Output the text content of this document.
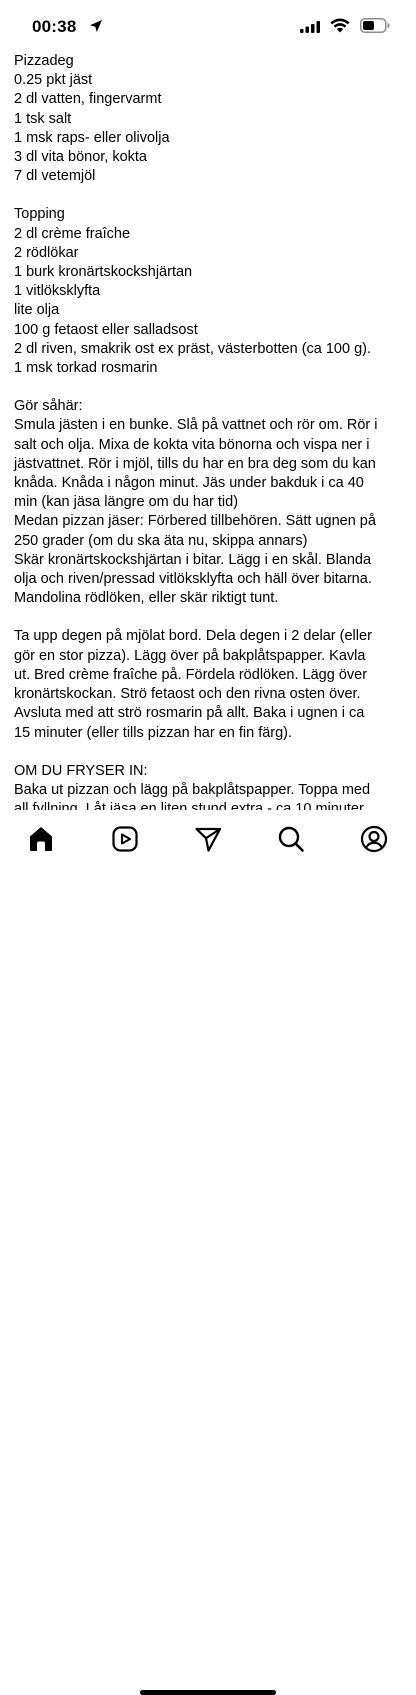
00:38

Pizzadeg

0.25 pkt jäst

2 dl vatten, fingervarmt

1 tsk salt

1 msk raps- eller olivolja

3 dl vita bönor, kokta

7 dl vetemjöl

Topping

2 dl crème fraîche

2 rödlökar

1 burk kronärtskockshjärtan

1 vitlöksklyfta

lite olja

100 g fetaost eller salladsost

2 dl riven, smakrik ost ex präst, västerbotten (ca 100 g).

1 msk torkad rosmarin

Gör såhär:

Smula jästen i en bunke. Slå på vattnet och rör om. Rör i

salt och olja. Mixa de kokta vita bönorna och vispa ner i

jästvattnet. Rör i mjöl, tills du har en bra deg som du kan

knåda. Knåda i någon minut. Jäs under bakduk i ca 40

min (kan jäsa längre om du har tid)

Medan pizzan jäser: Förbered tillbehören. Sätt ugnen på

250 grader (om du ska äta nu, skippa annars)

Skär kronärtskockshjärtan i bitar. Lägg i en skål. Blanda

olja och riven/pressad vitlöksklyfta och häll över bitarna.

Mandolina rödlöken, eller skär riktigt tunt.

Ta upp degen på mjölat bord. Dela degen i 2 delar (eller

gör en stor pizza). Lägg över på bakplåtspapper. Kavla

ut. Bred crème fraîche på. Fördela rödlöken. Lägg över

kronärtskockan. Strö fetaost och den rivna osten över.

Avsluta med att strö rosmarin på allt. Baka i ugnen i ca

15 minuter (eller tills pizzan har en fin färg).

OM DU FRYSER IN:

Baka ut pizzan och lägg på bakplåtspapper. Toppa med
